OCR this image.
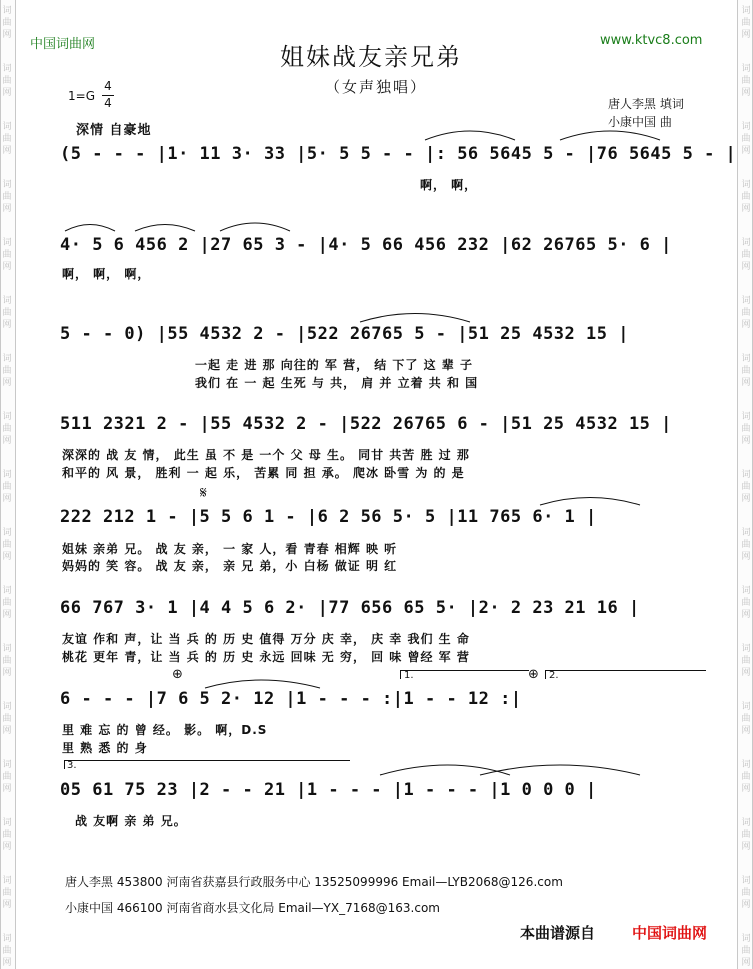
词
曲
网
词
曲
网
词
曲
网
词
曲
网
词
曲
网
词
曲
网
词
曲
网
词
曲
网
词
曲
网
词
曲
网
词
曲
网
词
曲
网
词
曲
网
词
曲
网
词
曲
网
词
曲
网
词
曲
网
词
曲
网
词
曲
网
词
曲
网
词
曲
网
词
曲
网
词
曲
网
词
曲
网
词
曲
网
词
曲
网
词
曲
网
词
曲
网
词
曲
网
词
曲
网
词
曲
网
词
曲
网
词
曲
网
词
曲
网
中国词曲网	www.ktvc8.com
姐妹战友亲兄弟
（女声独唱）
1=G
4
4	唐人李黑 填词
小康中国 曲
深情 自豪地
(5 - - - |1· 11 3· 33 |5· 5 5 - - |: 56 5645 5 - |76 5645 5 - |
啊， 啊，
4· 5 6 456 2 |27 65 3 - |4· 5 66 456 232 |62 26765 5· 6 |
啊， 啊， 啊，
5 - - 0) |55 4532 2 - |522 26765 5 - |51 25 4532 15 |
一起 走 进 那 向往的 军 营， 结 下了 这 辈 子
我们 在 一 起 生死 与 共， 肩 并 立着 共 和 国
511 2321 2 - |55 4532 2 - |522 26765 6 - |51 25 4532 15 |
深深的 战 友 情， 此生 虽 不 是 一个 父 母 生。 同甘 共苦 胜 过 那
和平的 风 景， 胜利 一 起 乐， 苦累 同 担 承。 爬冰 卧雪 为 的 是
𝄋
222 212 1 - |5 5 6 1 - |6 2 56 5· 5 |11 765 6· 1 |
姐妹 亲弟 兄。 战 友 亲， 一 家 人，看 青春 相辉 映 听
妈妈的 笑 容。 战 友 亲， 亲 兄 弟，小 白杨 做证 明 红
66 767 3· 1 |4 4 5 6 2· |77 656 65 5· |2· 2 23 21 16 |
友谊 作和 声，让 当 兵 的 历 史 值得 万分 庆 幸， 庆 幸 我们 生 命
桃花 更年 青，让 当 兵 的 历 史 永远 回味 无 穷， 回 味 曾经 军 营
⊕	⊕
1.	2.
6 - - - |7 6 5 2· 12 |1 - - - :|1 - - 12 :|
里 难 忘 的 曾 经。 影。 啊，D.S
里 熟 悉 的 身
3.
05 61 75 23 |2 - - 21 |1 - - - |1 - - - |1 0 0 0 |
战 友啊 亲 弟 兄。
唐人李黑 453800 河南省获嘉县行政服务中心 13525099996 Email—LYB2068@126.com
小康中国 466100 河南省商水县文化局 Email—YX_7168@163.com
本曲谱源自 中国词曲网
